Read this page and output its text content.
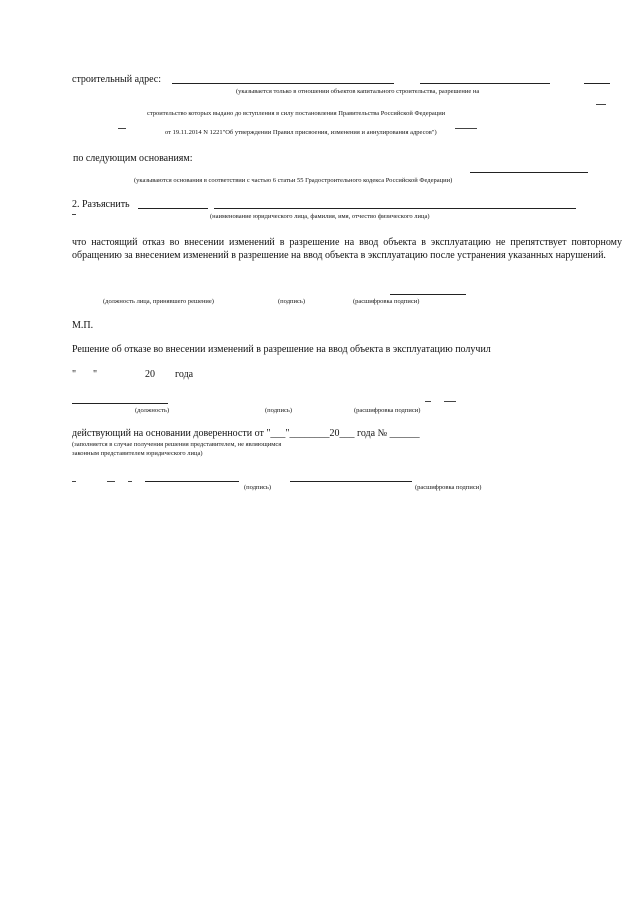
строительный адрес:
(указывается только в отношении объектов капитального строительства, разрешение на
строительство которых выдано до вступления в силу постановления Правительства Российской Федерации
от 19.11.2014 N 1221"Об утверждении Правил присвоения, изменения и аннулирования адресов")
по следующим основаниям:
(указываются основания в соответствии с частью 6 статьи 55 Градостроительного кодекса Российской Федерации)
2. Разъяснить
(наименование юридического лица, фамилия, имя, отчество физического лица)
что настоящий отказ во внесении изменений в разрешение на ввод объекта в эксплуатацию не препятствует повторному обращению за внесением изменений в разрешение на ввод объекта в эксплуатацию после устранения указанных нарушений.
(должность лица, принявшего решение)	(подпись)	(расшифровка подписи)
М.П.
Решение об отказе во внесении изменений в разрешение на ввод объекта в эксплуатацию получил
" "	20 года
(должность)	(подпись)	(расшифровка подписи)
действующий на основании доверенности от "___"________20___ года № ______
(заполняется в случае получения решения представителем, не являющимся
законным представителем юридического лица)
(подпись)	(расшифровка подписи)
